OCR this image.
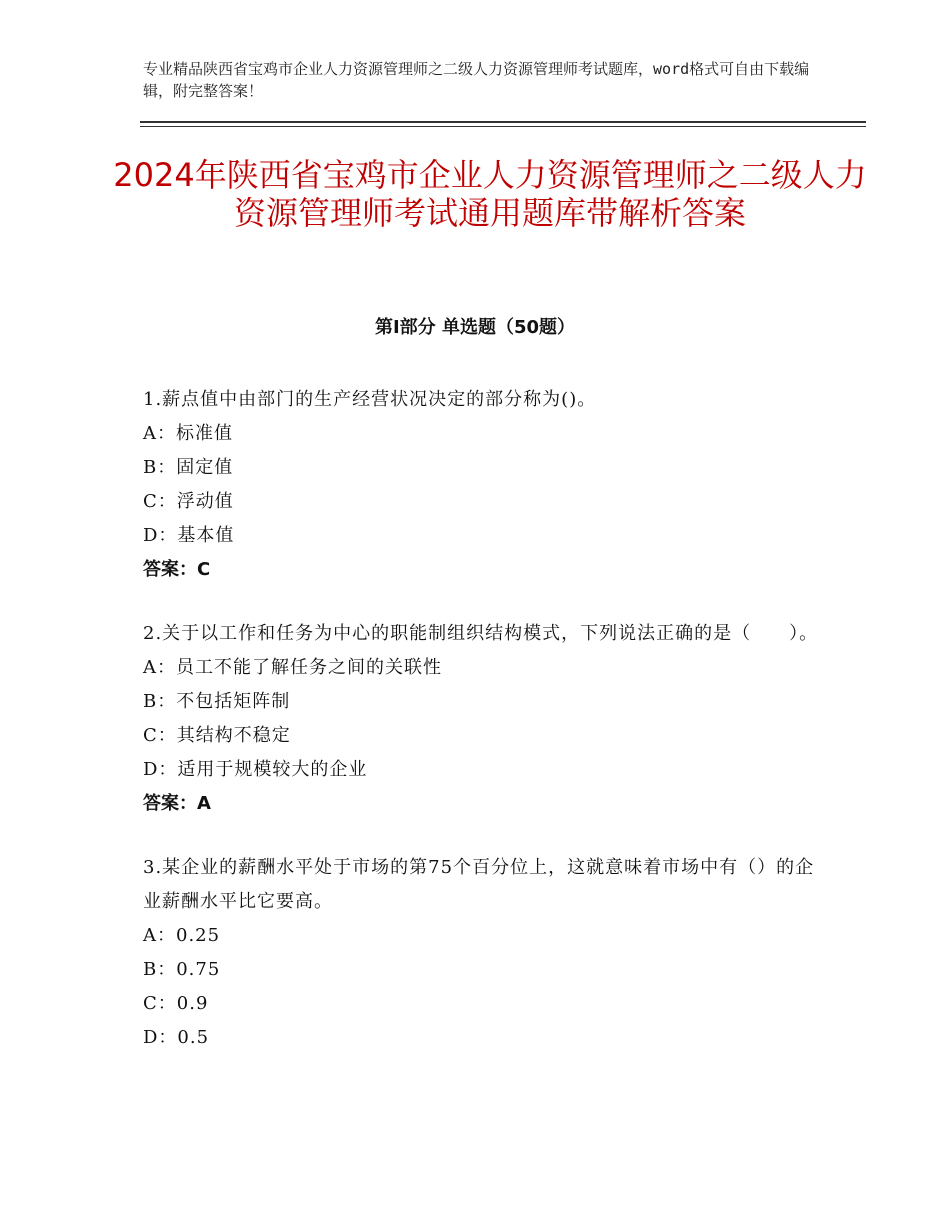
专业精品陕西省宝鸡市企业人力资源管理师之二级人力资源管理师考试题库，word格式可自由下载编辑，附完整答案！
2024年陕西省宝鸡市企业人力资源管理师之二级人力资源管理师考试通用题库带解析答案
第Ⅰ部分 单选题（50题）
1.薪点值中由部门的生产经营状况决定的部分称为()。
A：标准值
B：固定值
C：浮动值
D：基本值
答案：C
2.关于以工作和任务为中心的职能制组织结构模式，下列说法正确的是（　　）。
A：员工不能了解任务之间的关联性
B：不包括矩阵制
C：其结构不稳定
D：适用于规模较大的企业
答案：A
3.某企业的薪酬水平处于市场的第75个百分位上，这就意味着市场中有（）的企业薪酬水平比它要高。
A：0.25
B：0.75
C：0.9
D：0.5
